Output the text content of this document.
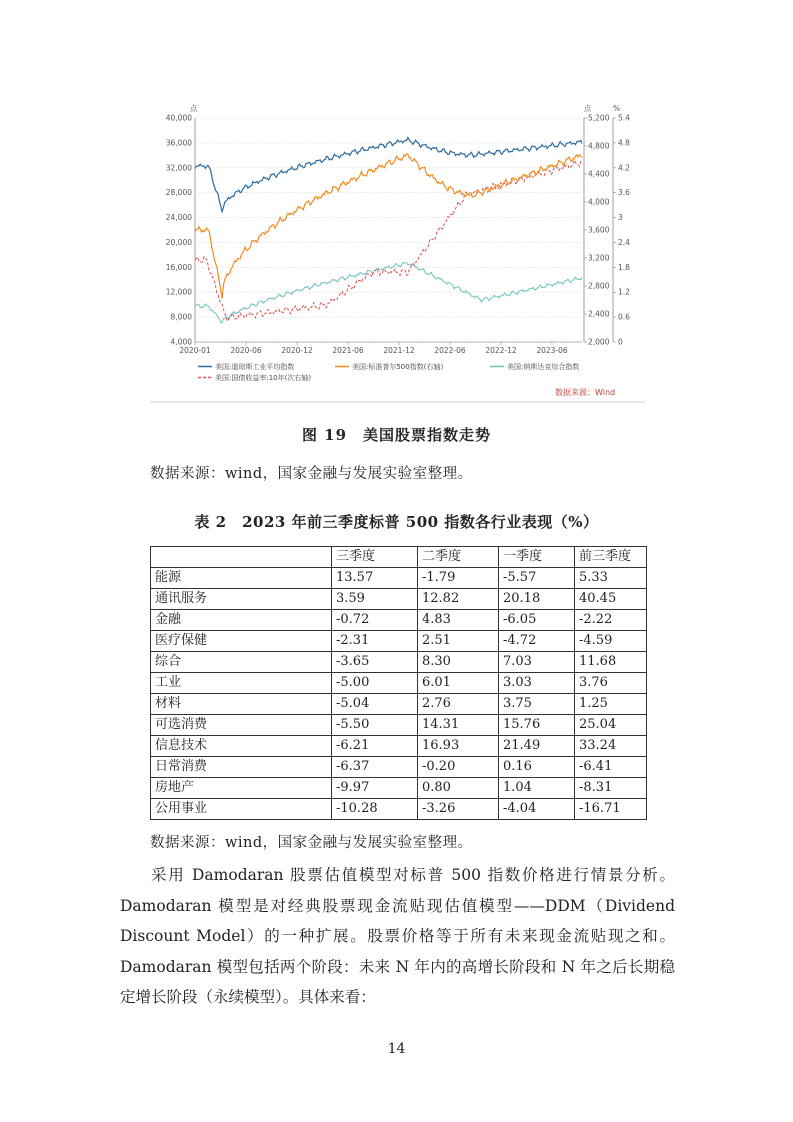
40,000
36,000
32,000
28,000
24,000
20,000
16,000
12,000
8,000
4,000
5,200
4,800
4,400
4,000
3,600
3,200
2,800
2,400
2,000
5.4
4.8
4.2
3.6
3
2.4
1.8
1.2
0.6
0
2020-01	2020-06	2020-12	2021-06	2021-12	2022-06	2022-12	2023-06
点	点	%
美国:道琼斯工业平均指数	美国:标准普尔500指数(右轴)	美国:纳斯达克综合指数
美国:国债收益率:10年(次右轴)
数据来源：Wind
图 19　美国股票指数走势
数据来源：wind，国家金融与发展实验室整理。
表 2　2023 年前三季度标普 500 指数各行业表现（%）
	三季度	二季度	一季度	前三季度
能源	13.57	-1.79	-5.57	5.33
通讯服务	3.59	12.82	20.18	40.45
金融	-0.72	4.83	-6.05	-2.22
医疗保健	-2.31	2.51	-4.72	-4.59
综合	-3.65	8.30	7.03	11.68
工业	-5.00	6.01	3.03	3.76
材料	-5.04	2.76	3.75	1.25
可选消费	-5.50	14.31	15.76	25.04
信息技术	-6.21	16.93	21.49	33.24
日常消费	-6.37	-0.20	0.16	-6.41
房地产	-9.97	0.80	1.04	-8.31
公用事业	-10.28	-3.26	-4.04	-16.71
数据来源：wind，国家金融与发展实验室整理。

采用 Damodaran 股票估值模型对标普 500 指数价格进行情景分析。Damodaran 模型是对经典股票现金流贴现估值模型——DDM（Dividend Discount Model）的一种扩展。股票价格等于所有未来现金流贴现之和。Damodaran 模型包括两个阶段：未来 N 年内的高增长阶段和 N 年之后长期稳定增长阶段（永续模型）。具体来看：

14
